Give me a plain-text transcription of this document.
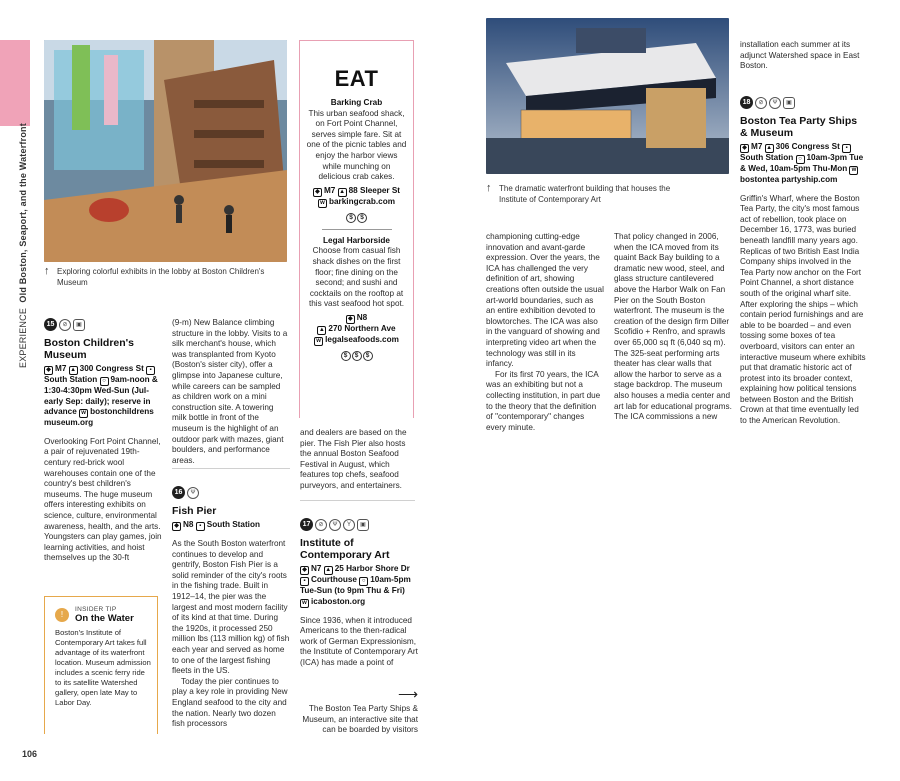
EXPERIENCE  Old Boston, Seaport, and the Waterfront
106
↑ Exploring colorful exhibits in the lobby at Boston Children's Museum
15 ⊘ ▣
Boston Children's Museum
◆ M7 ▲ 300 Congress St ▪South Station ○ 9am-noon & 1:30-4:30pm Wed-Sun (Jul-early Sep: daily); reserve in advance w bostonchildrens museum.org

Overlooking Fort Point Channel, a pair of rejuvenated 19th-century red-brick wool warehouses contain one of the country's best children's museums. The huge museum offers interesting exhibits on science, culture, environmental awareness, health, and the arts. Youngsters can play games, join learning activities, and hoist themselves up the 30-ft

!
INSIDER TIP
On the Water
Boston's Institute of Contemporary Art takes full advantage of its waterfront location. Museum admission includes a scenic ferry ride to its satellite Watershed gallery, open late May to Labor Day.

(9-m) New Balance climbing structure in the lobby. Visits to a silk merchant's house, which was transplanted from Kyoto (Boston's sister city), offer a glimpse into Japanese culture, while careers can be sampled as children work on a mini construction site. A towering milk bottle in front of the museum is the highlight of an outdoor park with mazes, giant boulders, and performance areas.

16 Ψ
Fish Pier
◆ N8 ▪ South Station

As the South Boston waterfront continues to develop and gentrify, Boston Fish Pier is a solid reminder of the city's roots in the fishing trade. Built in 1912–14, the pier was the largest and most modern facility of its kind at that time. During the 1920s, it processed 250 million lbs (113 million kg) of fish each year and served as home to one of the largest fishing fleets in the US.

Today the pier continues to play a key role in providing New England seafood to the city and the nation. Nearly two dozen fish processors

EAT
Barking Crab
This urban seafood shack, on Fort Point Channel, serves simple fare. Sit at one of the picnic tables and enjoy the harbor views while munching on delicious crab cakes.
◆ M7 ▲ 88 Sleeper St
w barkingcrab.com
$ $
Legal Harborside
Choose from casual fish shack dishes on the first floor; fine dining on the second; and sushi and cocktails on the rooftop at this vast seafood hot spot.
◆ N8
▲ 270 Northern Ave
w legalseafoods.com
$ $ $

and dealers are based on the pier. The Fish Pier also hosts the annual Boston Seafood Festival in August, which features top chefs, seafood purveyors, and entertainers.

17 ⊘ Ψ Y ▣
Institute of Contemporary Art
◆ N7 ▲ 25 Harbor Shore Dr ▪ Courthouse ○ 10am-5pm Tue-Sun (to 9pm Thu & Fri) w icaboston.org

Since 1936, when it introduced Americans to the then-radical work of German Expressionism, the Institute of Contemporary Art (ICA) has made a point of

⟶

The Boston Tea Party Ships & Museum, an interactive site that can be boarded by visitors

↑ The dramatic waterfront building that houses the Institute of Contemporary Art

championing cutting-edge innovation and avant-garde expression. Over the years, the ICA has challenged the very definition of art, showing creations often outside the usual art-world boundaries, such as an entire exhibition devoted to blowtorches. The ICA was also in the vanguard of showing and interpreting video art when the technology was still in its infancy.

For its first 70 years, the ICA was an exhibiting but not a collecting institution, in part due to the theory that the definition of "contemporary" changes every minute.

That policy changed in 2006, when the ICA moved from its quaint Back Bay building to a dramatic new wood, steel, and glass structure cantilevered above the Harbor Walk on Fan Pier on the South Boston waterfront. The museum is the creation of the design firm Diller Scofidio + Renfro, and sprawls over 65,000 sq ft (6,040 sq m). The 325-seat performing arts theater has clear walls that allow the harbor to serve as a stage backdrop. The museum also houses a media center and art lab for educational programs. The ICA commissions a new

installation each summer at its adjunct Watershed space in East Boston.

18 ⊘ Ψ ▣
Boston Tea Party Ships & Museum
◆ M7 ▲ 306 Congress St ▪South Station ○ 10am-3pm Tue & Wed, 10am-5pm Thu-Mon wbostontea partyship.com

Griffin's Wharf, where the Boston Tea Party, the city's most famous act of rebellion, took place on December 16, 1773, was buried beneath landfill many years ago. Replicas of two British East India Company ships involved in the Tea Party now anchor on the Fort Point Channel, a short distance south of the original wharf site. After exploring the ships – which contain period furnishings and are able to be boarded – and even tossing some boxes of tea overboard, visitors can enter an interactive museum where exhibits put that dramatic historic act of protest into its broader context, explaining how political tensions between Boston and the British Crown at that time eventually led to the American Revolution.
